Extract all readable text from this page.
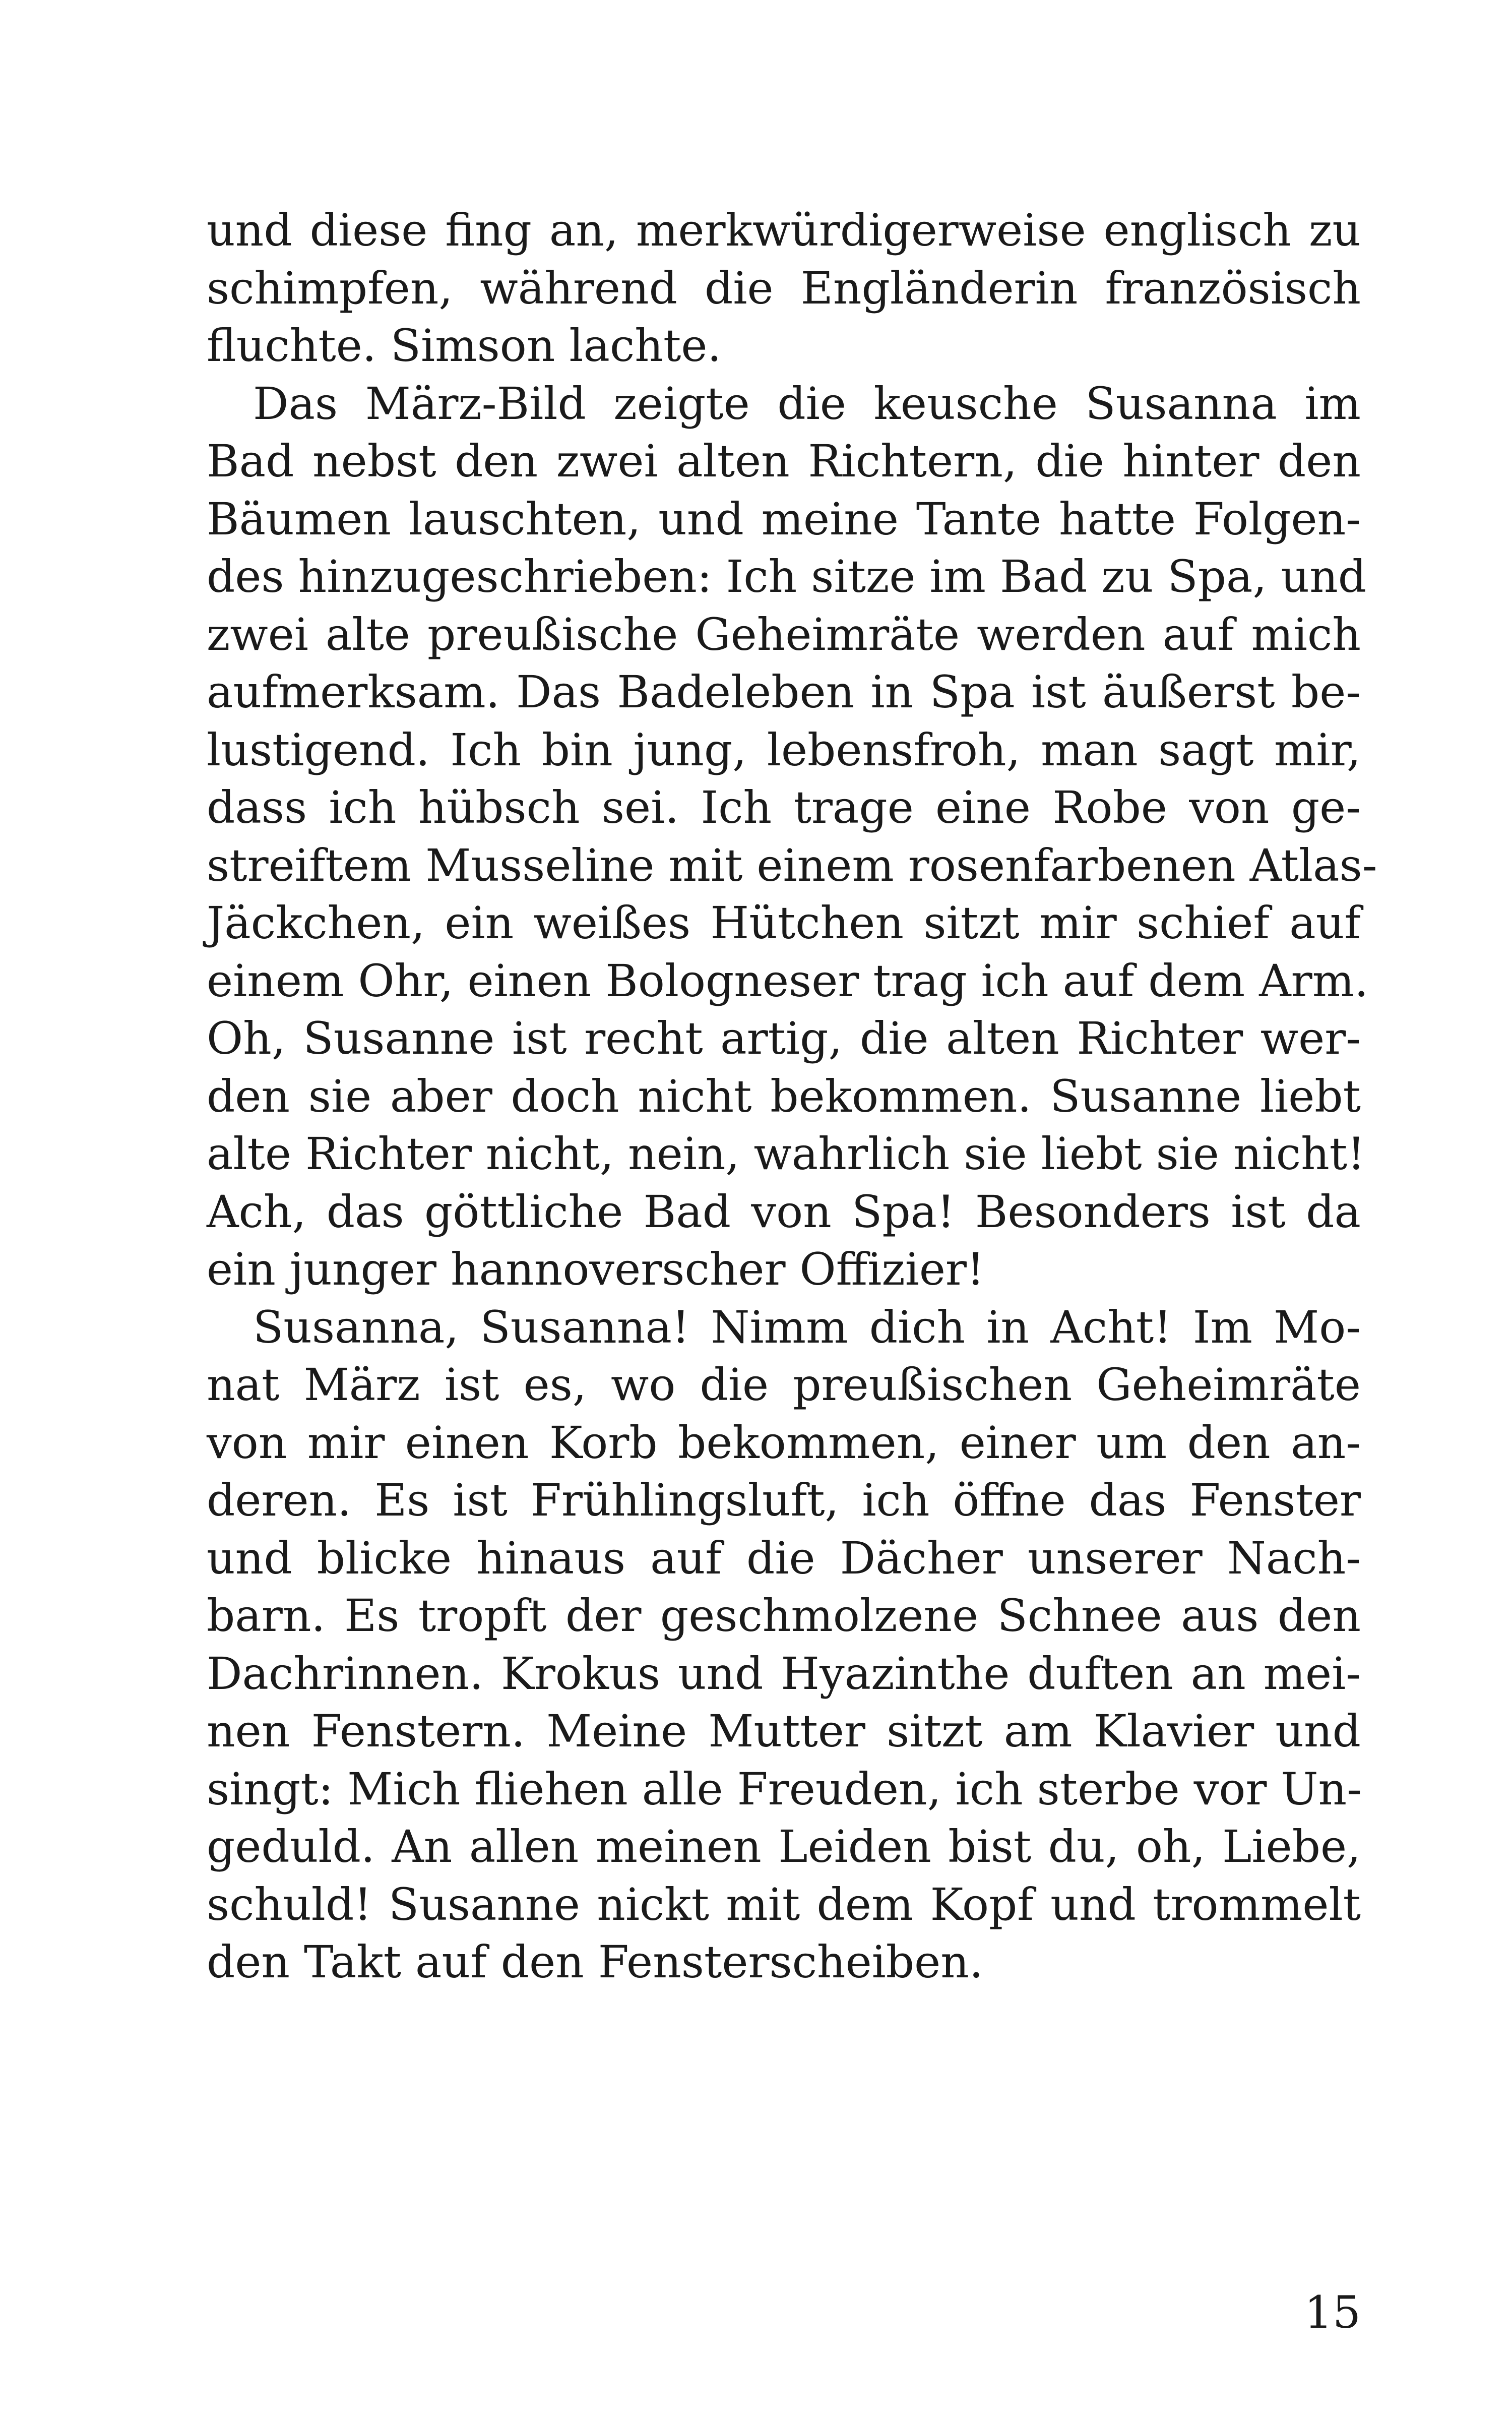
und diese fing an, merkwürdigerweise englisch zu
schimpfen, während die Engländerin französisch
fluchte. Simson lachte.
Das März-Bild zeigte die keusche Susanna im
Bad nebst den zwei alten Richtern, die hinter den
Bäumen lauschten, und meine Tante hatte Folgen-
des hinzugeschrieben: Ich sitze im Bad zu Spa, und
zwei alte preußische Geheimräte werden auf mich
aufmerksam. Das Badeleben in Spa ist äußerst be-
lustigend. Ich bin jung, lebensfroh, man sagt mir,
dass ich hübsch sei. Ich trage eine Robe von ge-
streiftem Musseline mit einem rosenfarbenen Atlas-
Jäckchen, ein weißes Hütchen sitzt mir schief auf
einem Ohr, einen Bologneser trag ich auf dem Arm.
Oh, Susanne ist recht artig, die alten Richter wer-
den sie aber doch nicht bekommen. Susanne liebt
alte Richter nicht, nein, wahrlich sie liebt sie nicht!
Ach, das göttliche Bad von Spa! Besonders ist da
ein junger hannoverscher Offizier!
Susanna, Susanna! Nimm dich in Acht! Im Mo-
nat März ist es, wo die preußischen Geheimräte
von mir einen Korb bekommen, einer um den an-
deren. Es ist Frühlingsluft, ich öffne das Fenster
und blicke hinaus auf die Dächer unserer Nach-
barn. Es tropft der geschmolzene Schnee aus den
Dachrinnen. Krokus und Hyazinthe duften an mei-
nen Fenstern. Meine Mutter sitzt am Klavier und
singt: Mich fliehen alle Freuden, ich sterbe vor Un-
geduld. An allen meinen Leiden bist du, oh, Liebe,
schuld! Susanne nickt mit dem Kopf und trommelt
den Takt auf den Fensterscheiben.
15
